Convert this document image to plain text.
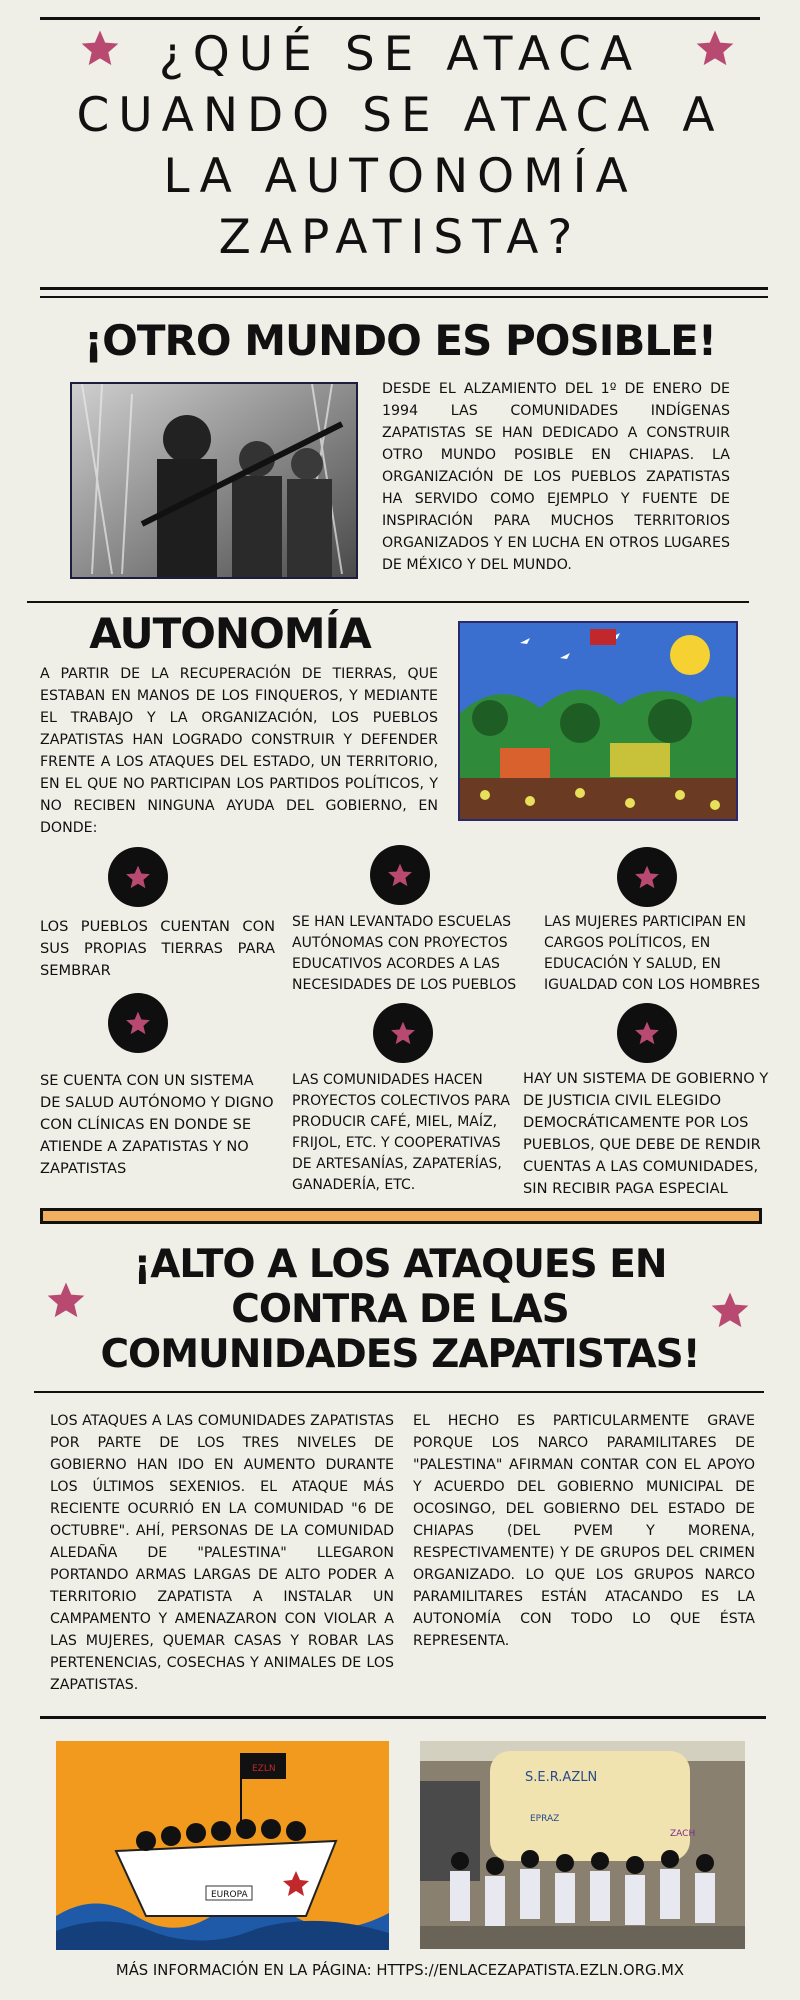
¿QUÉ SE ATACA CUANDO SE ATACA A LA AUTONOMÍA ZAPATISTA?
¡OTRO MUNDO ES POSIBLE!
DESDE EL ALZAMIENTO DEL 1º DE ENERO DE 1994 LAS COMUNIDADES INDÍGENAS ZAPATISTAS SE HAN DEDICADO A CONSTRUIR OTRO MUNDO POSIBLE EN CHIAPAS. LA ORGANIZACIÓN DE LOS PUEBLOS ZAPATISTAS HA SERVIDO COMO EJEMPLO Y FUENTE DE INSPIRACIÓN PARA MUCHOS TERRITORIOS ORGANIZADOS Y EN LUCHA EN OTROS LUGARES DE MÉXICO Y DEL MUNDO.
AUTONOMÍA
A PARTIR DE LA RECUPERACIÓN DE TIERRAS, QUE ESTABAN EN MANOS DE LOS FINQUEROS, Y MEDIANTE EL TRABAJO Y LA ORGANIZACIÓN, LOS PUEBLOS ZAPATISTAS HAN LOGRADO CONSTRUIR Y DEFENDER FRENTE A LOS ATAQUES DEL ESTADO, UN TERRITORIO, EN EL QUE NO PARTICIPAN LOS PARTIDOS POLÍTICOS, Y NO RECIBEN NINGUNA AYUDA DEL GOBIERNO, EN DONDE:
LOS PUEBLOS CUENTAN CON SUS PROPIAS TIERRAS PARA SEMBRAR
SE HAN LEVANTADO ESCUELAS AUTÓNOMAS CON PROYECTOS EDUCATIVOS ACORDES A LAS NECESIDADES DE LOS PUEBLOS
LAS MUJERES PARTICIPAN EN CARGOS POLÍTICOS, EN EDUCACIÓN Y SALUD, EN IGUALDAD CON LOS HOMBRES
SE CUENTA CON UN SISTEMA DE SALUD AUTÓNOMO Y DIGNO CON CLÍNICAS EN DONDE SE ATIENDE A ZAPATISTAS Y NO ZAPATISTAS
LAS COMUNIDADES HACEN PROYECTOS COLECTIVOS PARA PRODUCIR CAFÉ, MIEL, MAÍZ, FRIJOL, ETC. Y COOPERATIVAS DE ARTESANÍAS, ZAPATERÍAS, GANADERÍA, ETC.
HAY UN SISTEMA DE GOBIERNO Y DE JUSTICIA CIVIL ELEGIDO DEMOCRÁTICAMENTE POR LOS PUEBLOS, QUE DEBE DE RENDIR CUENTAS A LAS COMUNIDADES, SIN RECIBIR PAGA ESPECIAL
¡ALTO A LOS ATAQUES EN CONTRA DE LAS COMUNIDADES ZAPATISTAS!
LOS ATAQUES A LAS COMUNIDADES ZAPATISTAS POR PARTE DE LOS TRES NIVELES DE GOBIERNO HAN IDO EN AUMENTO DURANTE LOS ÚLTIMOS SEXENIOS. EL ATAQUE MÁS RECIENTE OCURRIÓ EN LA COMUNIDAD "6 DE OCTUBRE". AHÍ, PERSONAS DE LA COMUNIDAD ALEDAÑA DE "PALESTINA" LLEGARON PORTANDO ARMAS LARGAS DE ALTO PODER A TERRITORIO ZAPATISTA A INSTALAR UN CAMPAMENTO Y AMENAZARON CON VIOLAR A LAS MUJERES, QUEMAR CASAS Y ROBAR LAS PERTENENCIAS, COSECHAS Y ANIMALES DE LOS ZAPATISTAS.
EL HECHO ES PARTICULARMENTE GRAVE PORQUE LOS NARCO PARAMILITARES DE "PALESTINA" AFIRMAN CONTAR CON EL APOYO Y ACUERDO DEL GOBIERNO MUNICIPAL DE OCOSINGO, DEL GOBIERNO DEL ESTADO DE CHIAPAS (DEL PVEM Y MORENA, RESPECTIVAMENTE) Y DE GRUPOS DEL CRIMEN ORGANIZADO. LO QUE LOS GRUPOS NARCO PARAMILITARES ESTÁN ATACANDO ES LA AUTONOMÍA CON TODO LO QUE ÉSTA REPRESENTA.
EZLN
EUROPA
S.E.R.AZLN
EPRAZ
ZACH
MÁS INFORMACIÓN EN LA PÁGINA: HTTPS://ENLACEZAPATISTA.EZLN.ORG.MX
